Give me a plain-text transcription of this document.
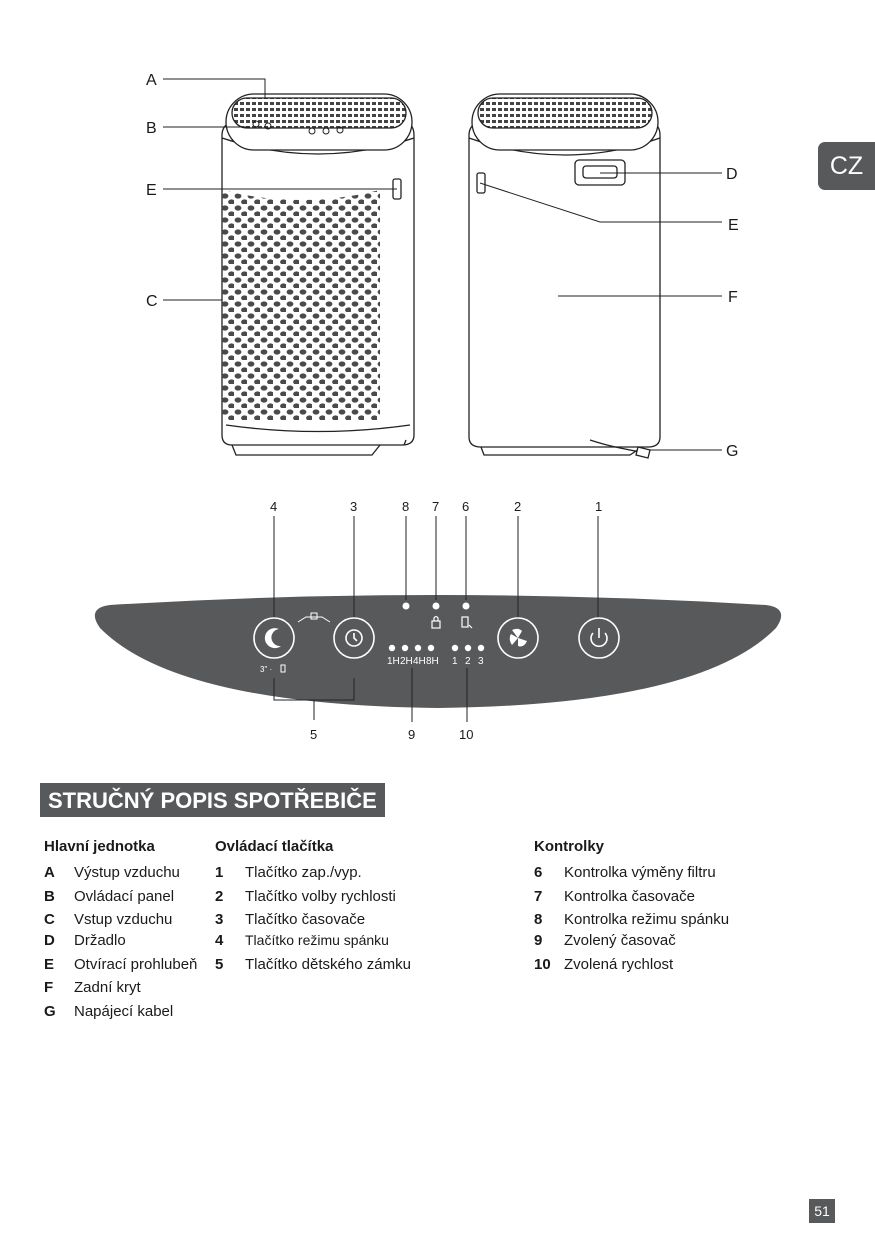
CZ
A
B
E
C
D
E
F
G
4	3	8 7 6	2	1
5	9	10
1H 2H 4H 8H 1 2 3
3" ·
STRUČNÝ POPIS SPOTŘEBIČE
Hlavní jednotka
A Výstup vzduchu
B Ovládací panel
C Vstup vzduchu
D Držadlo
E Otvírací prohlubeň
F Zadní kryt
G Napájecí kabel
Ovládací tlačítka
1 Tlačítko zap./vyp.
2 Tlačítko volby rychlosti
3 Tlačítko časovače
4 Tlačítko režimu spánku
5 Tlačítko dětského zámku
Kontrolky
6 Kontrolka výměny filtru
7 Kontrolka časovače
8 Kontrolka režimu spánku
9 Zvolený časovač
10 Zvolená rychlost
51
